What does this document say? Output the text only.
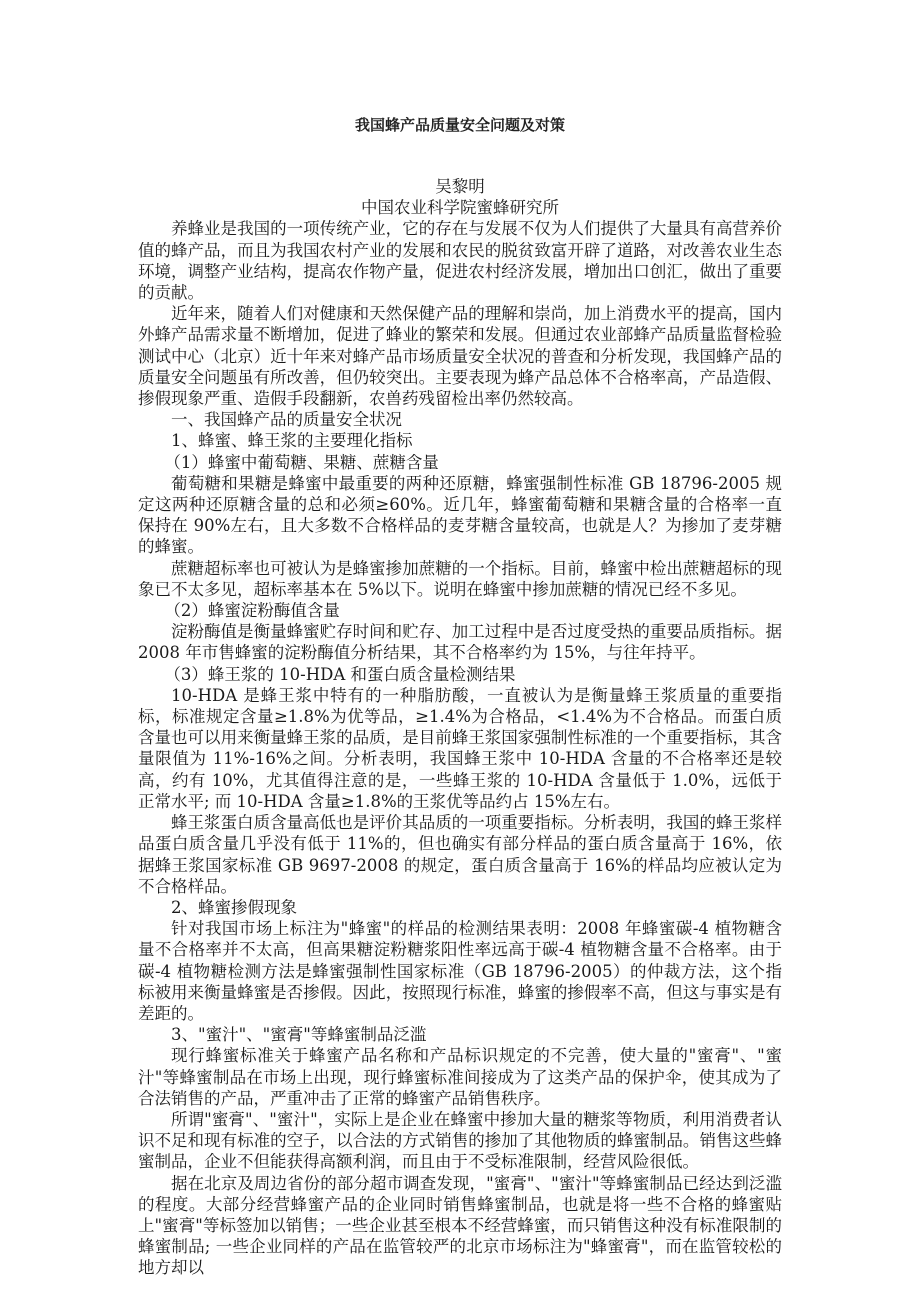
我国蜂产品质量安全问题及对策

吴黎明

中国农业科学院蜜蜂研究所

养蜂业是我国的一项传统产业，它的存在与发展不仅为人们提供了大量具有高营养价值的蜂产品，而且为我国农村产业的发展和农民的脱贫致富开辟了道路，对改善农业生态环境，调整产业结构，提高农作物产量，促进农村经济发展，增加出口创汇，做出了重要的贡献。

近年来，随着人们对健康和天然保健产品的理解和崇尚，加上消费水平的提高，国内外蜂产品需求量不断增加，促进了蜂业的繁荣和发展。但通过农业部蜂产品质量监督检验测试中心（北京）近十年来对蜂产品市场质量安全状况的普查和分析发现，我国蜂产品的质量安全问题虽有所改善，但仍较突出。主要表现为蜂产品总体不合格率高，产品造假、掺假现象严重、造假手段翻新，农兽药残留检出率仍然较高。

一、我国蜂产品的质量安全状况

1、蜂蜜、蜂王浆的主要理化指标

（1）蜂蜜中葡萄糖、果糖、蔗糖含量

葡萄糖和果糖是蜂蜜中最重要的两种还原糖，蜂蜜强制性标准 GB 18796-2005 规定这两种还原糖含量的总和必须≥60%。近几年，蜂蜜葡萄糖和果糖含量的合格率一直保持在 90%左右，且大多数不合格样品的麦芽糖含量较高，也就是人？为掺加了麦芽糖的蜂蜜。

蔗糖超标率也可被认为是蜂蜜掺加蔗糖的一个指标。目前，蜂蜜中检出蔗糖超标的现象已不太多见，超标率基本在 5%以下。说明在蜂蜜中掺加蔗糖的情况已经不多见。

（2）蜂蜜淀粉酶值含量

淀粉酶值是衡量蜂蜜贮存时间和贮存、加工过程中是否过度受热的重要品质指标。据 2008 年市售蜂蜜的淀粉酶值分析结果，其不合格率约为 15%，与往年持平。

（3）蜂王浆的 10-HDA 和蛋白质含量检测结果

10-HDA 是蜂王浆中特有的一种脂肪酸，一直被认为是衡量蜂王浆质量的重要指标，标准规定含量≥1.8%为优等品，≥1.4%为合格品，<1.4%为不合格品。而蛋白质含量也可以用来衡量蜂王浆的品质，是目前蜂王浆国家强制性标准的一个重要指标，其含量限值为 11%-16%之间。分析表明，我国蜂王浆中 10-HDA 含量的不合格率还是较高，约有 10%，尤其值得注意的是，一些蜂王浆的 10-HDA 含量低于 1.0%，远低于正常水平; 而 10-HDA 含量≥1.8%的王浆优等品约占 15%左右。

蜂王浆蛋白质含量高低也是评价其品质的一项重要指标。分析表明，我国的蜂王浆样品蛋白质含量几乎没有低于 11%的，但也确实有部分样品的蛋白质含量高于 16%，依据蜂王浆国家标准 GB 9697-2008 的规定，蛋白质含量高于 16%的样品均应被认定为不合格样品。

2、蜂蜜掺假现象

针对我国市场上标注为"蜂蜜"的样品的检测结果表明：2008 年蜂蜜碳-4 植物糖含量不合格率并不太高，但高果糖淀粉糖浆阳性率远高于碳-4 植物糖含量不合格率。由于碳-4 植物糖检测方法是蜂蜜强制性国家标准（GB 18796-2005）的仲裁方法，这个指标被用来衡量蜂蜜是否掺假。因此，按照现行标准，蜂蜜的掺假率不高，但这与事实是有差距的。

3、"蜜汁"、"蜜膏"等蜂蜜制品泛滥

现行蜂蜜标准关于蜂蜜产品名称和产品标识规定的不完善，使大量的"蜜膏"、"蜜汁"等蜂蜜制品在市场上出现，现行蜂蜜标准间接成为了这类产品的保护伞，使其成为了合法销售的产品，严重冲击了正常的蜂蜜产品销售秩序。

所谓"蜜膏"、"蜜汁"，实际上是企业在蜂蜜中掺加大量的糖浆等物质，利用消费者认识不足和现有标准的空子，以合法的方式销售的掺加了其他物质的蜂蜜制品。销售这些蜂蜜制品，企业不但能获得高额利润，而且由于不受标准限制，经营风险很低。

据在北京及周边省份的部分超市调查发现，"蜜膏"、"蜜汁"等蜂蜜制品已经达到泛滥的程度。大部分经营蜂蜜产品的企业同时销售蜂蜜制品，也就是将一些不合格的蜂蜜贴上"蜜膏"等标签加以销售；一些企业甚至根本不经营蜂蜜，而只销售这种没有标准限制的蜂蜜制品; 一些企业同样的产品在监管较严的北京市场标注为"蜂蜜膏"，而在监管较松的地方却以
